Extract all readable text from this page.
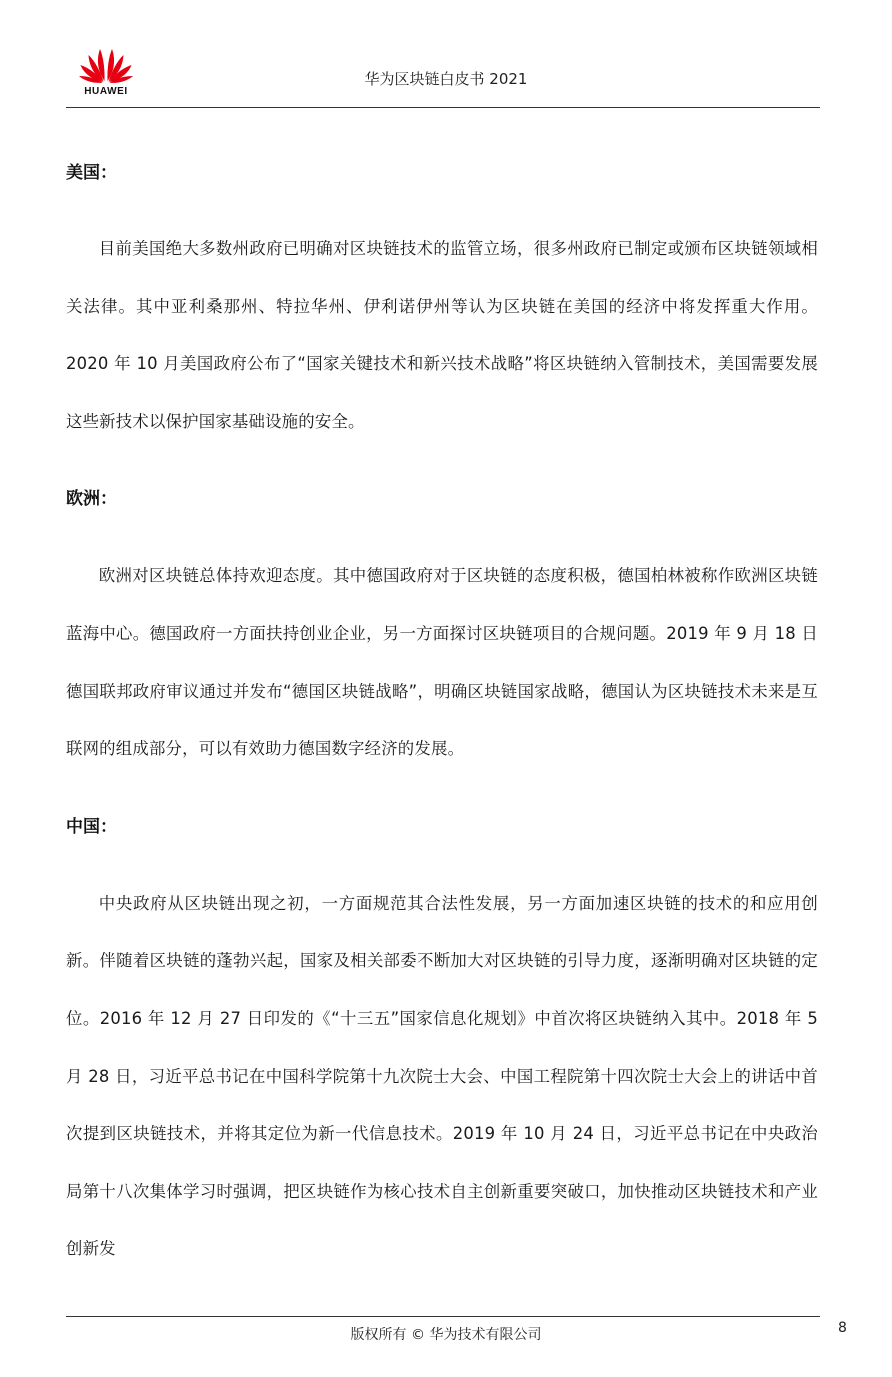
HUAWEI
华为区块链白皮书 2021
美国：

目前美国绝大多数州政府已明确对区块链技术的监管立场，很多州政府已制定或颁布区块链领域相关法律。其中亚利桑那州、特拉华州、伊利诺伊州等认为区块链在美国的经济中将发挥重大作用。2020 年 10 月美国政府公布了“国家关键技术和新兴技术战略”将区块链纳入管制技术，美国需要发展这些新技术以保护国家基础设施的安全。

欧洲：

欧洲对区块链总体持欢迎态度。其中德国政府对于区块链的态度积极，德国柏林被称作欧洲区块链蓝海中心。德国政府一方面扶持创业企业，另一方面探讨区块链项目的合规问题。2019 年 9 月 18 日德国联邦政府审议通过并发布“德国区块链战略”，明确区块链国家战略，德国认为区块链技术未来是互联网的组成部分，可以有效助力德国数字经济的发展。

中国：

中央政府从区块链出现之初，一方面规范其合法性发展，另一方面加速区块链的技术的和应用创新。伴随着区块链的蓬勃兴起，国家及相关部委不断加大对区块链的引导力度，逐渐明确对区块链的定位。2016 年 12 月 27 日印发的《“十三五”国家信息化规划》中首次将区块链纳入其中。2018 年 5 月 28 日，习近平总书记在中国科学院第十九次院士大会、中国工程院第十四次院士大会上的讲话中首次提到区块链技术，并将其定位为新一代信息技术。2019 年 10 月 24 日，习近平总书记在中央政治局第十八次集体学习时强调，把区块链作为核心技术自主创新重要突破口，加快推动区块链技术和产业创新发

版权所有 © 华为技术有限公司	8
